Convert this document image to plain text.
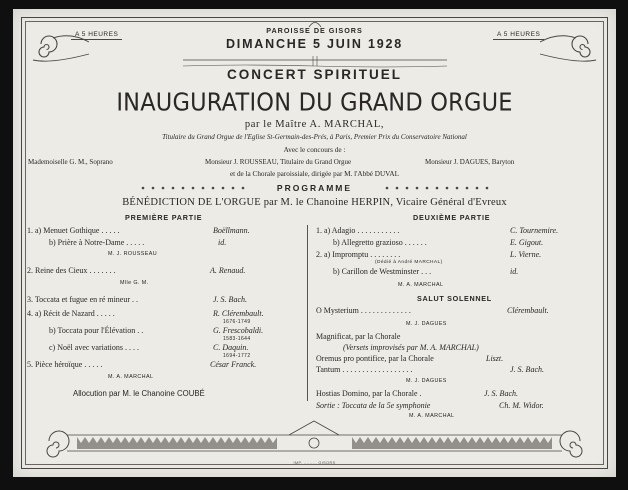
A 5 HEURES	A 5 HEURES
PAROISSE DE GISORS
DIMANCHE 5 JUIN 1928
CONCERT SPIRITUEL
INAUGURATION DU GRAND ORGUE
par le Maître A. MARCHAL,
Titulaire du Grand Orgue de l'Eglise St-Germain-des-Prés, à Paris, Premier Prix du Conservatoire National
Avec le concours de :
Mademoiselle G. M., Soprano	Monsieur J. ROUSSEAU, Titulaire du Grand Orgue	Monsieur J. DAGUES, Baryton
et de la Chorale paroissiale, dirigée par M. l'Abbé DUVAL
PROGRAMME
BÉNÉDICTION DE L'ORGUE par M. le Chanoine HERPIN, Vicaire Général d'Evreux
PREMIÈRE PARTIE	DEUXIÈME PARTIE
1. a) Menuet Gothique . . . . .	Boëllmann.
b) Prière à Notre-Dame . . . . .	id.
M. J. ROUSSEAU
2. Reine des Cieux . . . . . . .	A. Renaud.
Mlle G. M.
3. Toccata et fugue en ré mineur . .	J. S. Bach.
4. a) Récit de Nazard . . . . .	R. Clérembault.
1676-1749
b) Toccata pour l'Élévation . .	G. Frescobaldi.
1583-1644
c) Noël avec variations . . . .	C. Daquin.
1694-1772
5. Pièce héroïque . . . . .	César Franck.
M. A. MARCHAL
Allocution par M. le Chanoine COUBÉ
1. a) Adagio . . . . . . . . . . .	C. Tournemire.
b) Allegretto grazioso . . . . . .	E. Gigout.
2. a) Impromptu . . . . . . . .	L. Vierne.
(Dédié à André MARCHAL)
b) Carillon de Westminster . . .	id.
M. A. MARCHAL
SALUT SOLENNEL
O Mysterium . . . . . . . . . . . . .	Clérembault.
M. J. DAGUES
Magnificat, par la Chorale
(Versets improvisés par M. A. MARCHAL)
Oremus pro pontifice, par la Chorale	Liszt.
Tantum . . . . . . . . . . . . . . . . . .	J. S. Bach.
M. J. DAGUES
Hostias Domino, par la Chorale .	J. S. Bach.
Sortie : Toccata de la 5e symphonie	Ch. M. Widor.
M. A. MARCHAL
IMP. ......... GISORS
